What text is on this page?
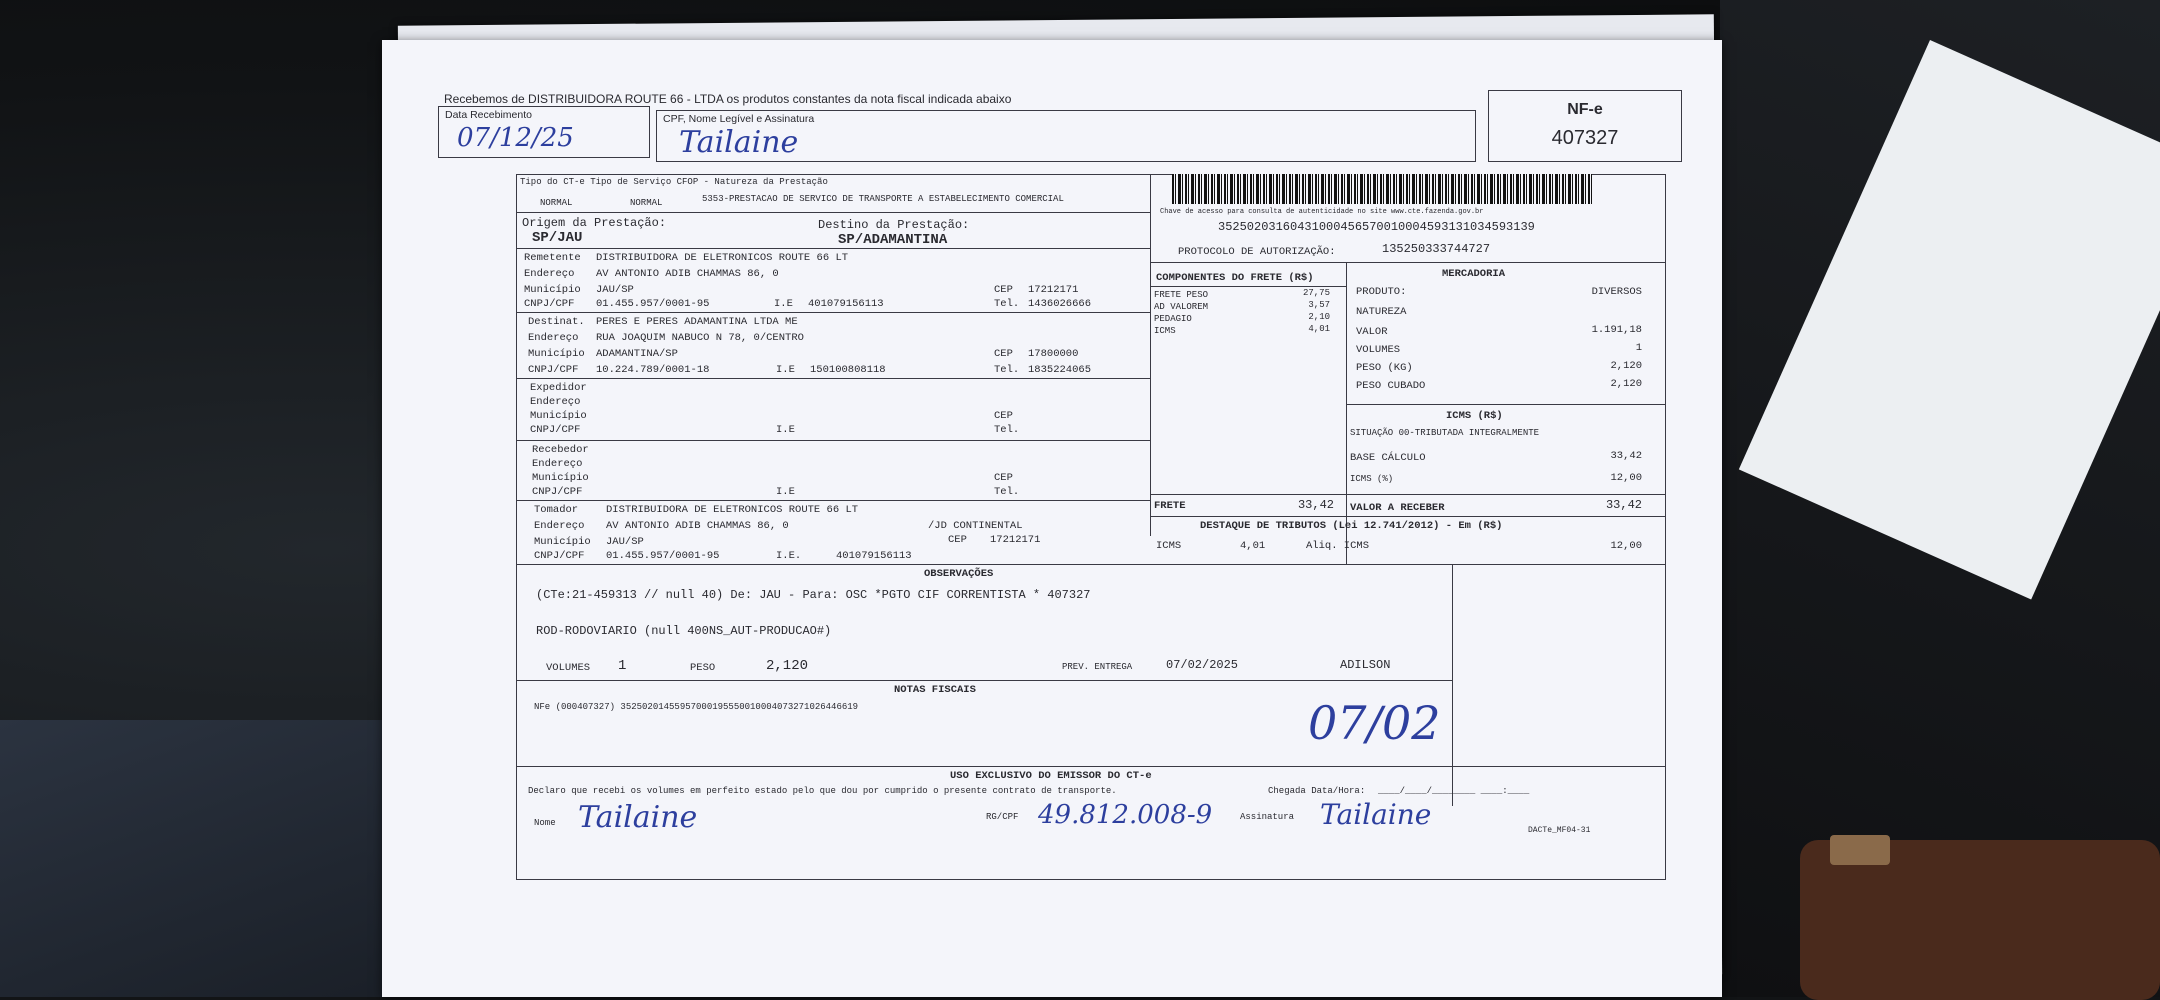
Recebemos de DISTRIBUIDORA ROUTE 66 - LTDA os produtos constantes da nota fiscal indicada abaixo
Data Recebimento
07/12/25
CPF, Nome Legível e Assinatura
Tailaine
NF-e
407327
Tipo do CT-e Tipo de Serviço CFOP - Natureza da Prestação
NORMAL	NORMAL	5353-PRESTACAO DE SERVICO DE TRANSPORTE A ESTABELECIMENTO COMERCIAL
Origem da Prestação:
SP/JAU
Destino da Prestação:
SP/ADAMANTINA
Chave de acesso para consulta de autenticidade no site www.cte.fazenda.gov.br
35250203160431000456570010004593131034593139
PROTOCOLO DE AUTORIZAÇÃO:	135250333744727
Remetente DISTRIBUIDORA DE ELETRONICOS ROUTE 66 LT
Endereço AV ANTONIO ADIB CHAMMAS 86, 0
Município JAU/SP	CEP 17212171
CNPJ/CPF 01.455.957/0001-95	I.E 401079156113	Tel. 1436026666
Destinat. PERES E PERES ADAMANTINA LTDA ME
Endereço RUA JOAQUIM NABUCO N 78, 0/CENTRO
Município ADAMANTINA/SP	CEP 17800000
CNPJ/CPF 10.224.789/0001-18	I.E 150100808118	Tel. 1835224065
Expedidor
Endereço
Município	CEP
CNPJ/CPF	I.E	Tel.
Recebedor
Endereço
Município	CEP
CNPJ/CPF	I.E	Tel.
Tomador	DISTRIBUIDORA DE ELETRONICOS ROUTE 66 LT
Endereço AV ANTONIO ADIB CHAMMAS 86, 0	/JD CONTINENTAL
Município JAU/SP	CEP 17212171
CNPJ/CPF 01.455.957/0001-95	I.E.	401079156113
COMPONENTES DO FRETE (R$)
FRETE PESO	27,75
AD VALOREM	3,57
PEDAGIO	2,10
ICMS	4,01
FRETE	33,42
MERCADORIA
PRODUTO:	DIVERSOS
NATUREZA
VALOR	1.191,18
VOLUMES	1
PESO (KG)	2,120
PESO CUBADO	2,120
ICMS (R$)
SITUAÇÃO 00-TRIBUTADA INTEGRALMENTE
BASE CÁLCULO	33,42
ICMS (%)	12,00
VALOR A RECEBER	33,42
DESTAQUE DE TRIBUTOS (Lei 12.741/2012) - Em (R$)
ICMS	4,01	Aliq. ICMS	12,00
OBSERVAÇÕES
(CTe:21-459313 // null 40) De: JAU - Para: OSC *PGTO CIF CORRENTISTA * 407327
ROD-RODOVIARIO (null 400NS_AUT-PRODUCAO#)
VOLUMES 1	PESO	2,120	PREV. ENTREGA	07/02/2025	ADILSON
NOTAS FISCAIS
NFe (000407327) 35250201455957000195550010004073271026446619	07/02
USO EXCLUSIVO DO EMISSOR DO CT-e
Declaro que recebi os volumes em perfeito estado pelo que dou por cumprido o presente contrato de transporte.	Chegada Data/Hora: ____/____/________ ____:____
Nome Tailaine	RG/CPF 49.812.008-9	Assinatura Tailaine	DACTe_MF04-31
